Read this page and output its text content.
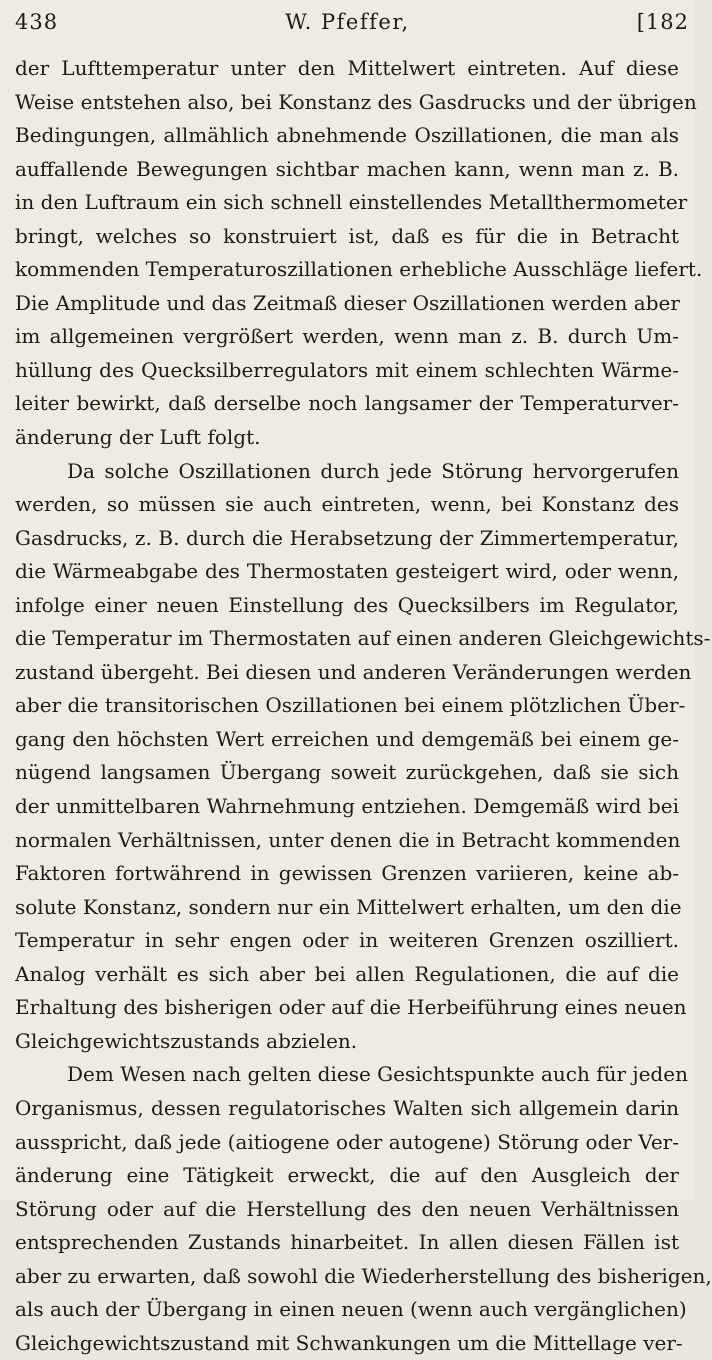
438	W. Pfeffer,	[182
der Lufttemperatur unter den Mittelwert eintreten. Auf diese
Weise entstehen also, bei Konstanz des Gasdrucks und der übrigen
Bedingungen, allmählich abnehmende Oszillationen, die man als
auffallende Bewegungen sichtbar machen kann, wenn man z. B.
in den Luftraum ein sich schnell einstellendes Metallthermometer
bringt, welches so konstruiert ist, daß es für die in Betracht
kommenden Temperaturoszillationen erhebliche Ausschläge liefert.
Die Amplitude und das Zeitmaß dieser Oszillationen werden aber
im allgemeinen vergrößert werden, wenn man z. B. durch Um-
hüllung des Quecksilberregulators mit einem schlechten Wärme-
leiter bewirkt, daß derselbe noch langsamer der Temperaturver-
änderung der Luft folgt.
Da solche Oszillationen durch jede Störung hervorgerufen
werden, so müssen sie auch eintreten, wenn, bei Konstanz des
Gasdrucks, z. B. durch die Herabsetzung der Zimmertemperatur,
die Wärmeabgabe des Thermostaten gesteigert wird, oder wenn,
infolge einer neuen Einstellung des Quecksilbers im Regulator,
die Temperatur im Thermostaten auf einen anderen Gleichgewichts-
zustand übergeht. Bei diesen und anderen Veränderungen werden
aber die transitorischen Oszillationen bei einem plötzlichen Über-
gang den höchsten Wert erreichen und demgemäß bei einem ge-
nügend langsamen Übergang soweit zurückgehen, daß sie sich
der unmittelbaren Wahrnehmung entziehen. Demgemäß wird bei
normalen Verhältnissen, unter denen die in Betracht kommenden
Faktoren fortwährend in gewissen Grenzen variieren, keine ab-
solute Konstanz, sondern nur ein Mittelwert erhalten, um den die
Temperatur in sehr engen oder in weiteren Grenzen oszilliert.
Analog verhält es sich aber bei allen Regulationen, die auf die
Erhaltung des bisherigen oder auf die Herbeiführung eines neuen
Gleichgewichtszustands abzielen.
Dem Wesen nach gelten diese Gesichtspunkte auch für jeden
Organismus, dessen regulatorisches Walten sich allgemein darin
ausspricht, daß jede (aitiogene oder autogene) Störung oder Ver-
änderung eine Tätigkeit erweckt, die auf den Ausgleich der
Störung oder auf die Herstellung des den neuen Verhältnissen
entsprechenden Zustands hinarbeitet. In allen diesen Fällen ist
aber zu erwarten, daß sowohl die Wiederherstellung des bisherigen,
als auch der Übergang in einen neuen (wenn auch vergänglichen)
Gleichgewichtszustand mit Schwankungen um die Mittellage ver-
